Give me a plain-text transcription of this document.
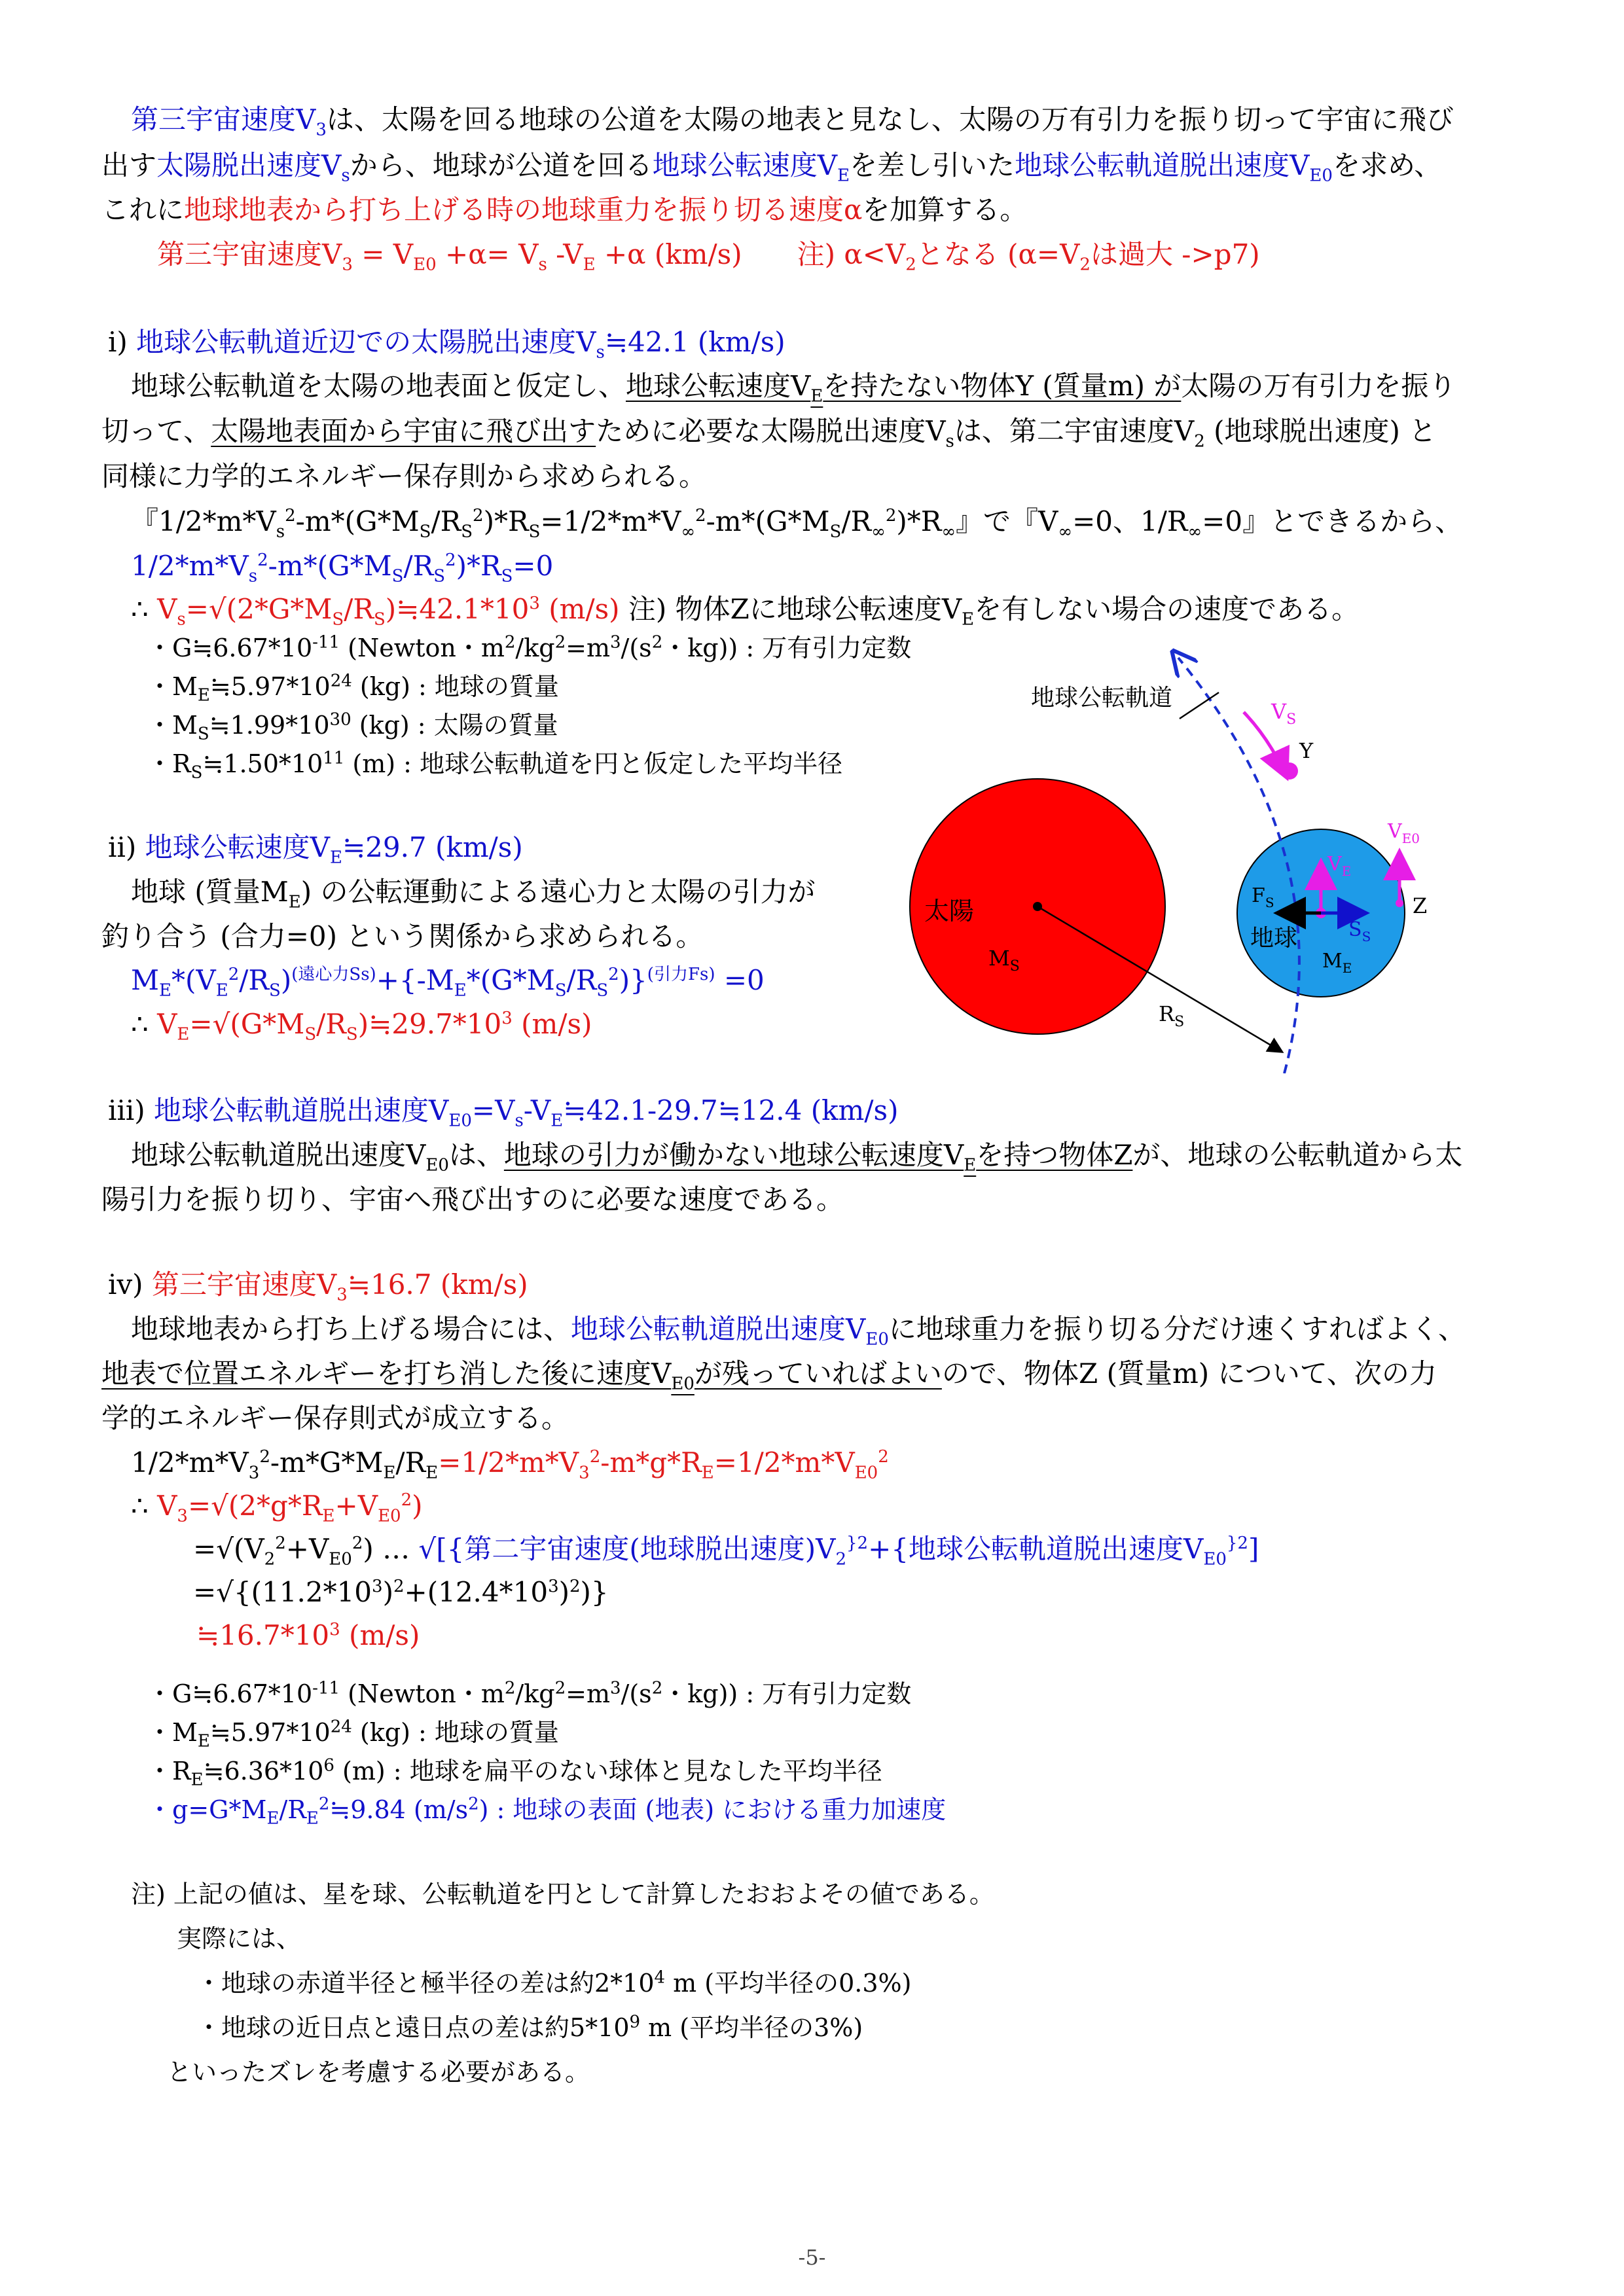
第三宇宙速度$V_3$は、太陽を回る地球の公道を太陽の地表と見なし、太陽の万有引力を振り切って宇宙に飛び
出す太陽脱出速度$V_s$から、地球が公道を回る地球公転速度$V_E$を差し引いた地球公転軌道脱出速度$V_{E0}$を求め、
これに地球地表から打ち上げる時の地球重力を振り切る速度αを加算する。
第三宇宙速度$V_3 = V_{E0} +\alpha= V_s$ $-V_E +\alpha$ (km/s)　　注) $\alpha<V_2$となる ($\alpha=V_2$は過大 ->p7)
ⅰ) 地球公転軌道近辺での太陽脱出速度$V_s≒42.1$ (km/s)
地球公転軌道を太陽の地表面と仮定し、地球公転速度$V_E$を持たない物体Y (質量m) が太陽の万有引力を振り
切って、太陽地表面から宇宙に飛び出すために必要な太陽脱出速度$V_s$は、第二宇宙速度$V_2$ (地球脱出速度) と
同様に力学的エネルギー保存則から求められる。
『$1/2*m*V_s^2-m*(G*M_S/R_S^2)*R_S=1/2*m*V_\infty^2-m*(G*M_S/R_\infty^2)*R_\infty$』で『$V_\infty=0$、$1/R_\infty=0$』とできるから、
$1/2*m*V_s^2-m*(G*M_S/R_S^2)*R_S=0$
∴ $V_s=√(2*G*M_S/R_S)≒42.1*10^3$ (m/s) 注) 物体Zに地球公転速度$V_E$を有しない場合の速度である。
・$G≒6.67*10^{-11}$ (Newton・$m^2/kg^2=m^3/(s^2$・kg)) : 万有引力定数
・$M_E≒5.97*10^{24}$ (kg) : 地球の質量
・$M_S≒1.99*10^{30}$ (kg) : 太陽の質量
・$R_S≒1.50*10^{11}$ (m) : 地球公転軌道を円と仮定した平均半径
ⅱ) 地球公転速度$V_E≒29.7$ (km/s)
地球 (質量$M_E$) の公転運動による遠心力と太陽の引力が
釣り合う (合力=0) という関係から求められる。
$M_E*(V_E^2/R_S)^{(遠心力Ss)}+\{-M_E*(G*M_S/R_S^2)\}^{(引力Fs)} =0$
∴ $V_E=√(G*M_S/R_S)≒29.7*10^3$ (m/s)
ⅲ) 地球公転軌道脱出速度$V_{E0}=V_s-V_E≒42.1-29.7≒12.4$ (km/s)
地球公転軌道脱出速度$V_{E0}$は、地球の引力が働かない地球公転速度$V_E$を持つ物体Zが、地球の公転軌道から太
陽引力を振り切り、宇宙へ飛び出すのに必要な速度である。
ⅳ) 第三宇宙速度$V_3≒16.7$ (km/s)
地球地表から打ち上げる場合には、地球公転軌道脱出速度$V_{E0}$に地球重力を振り切る分だけ速くすればよく、
地表で位置エネルギーを打ち消した後に速度$V_{E0}$が残っていればよいので、物体Z (質量m) について、次の力
学的エネルギー保存則式が成立する。
$1/2*m*V_3^2-m*G*M_E/R_E=1/2*m*V_3^2-m*g*R_E=1/2*m*V_{E0}^2$
∴ $V_3=√(2*g*R_E+V_{E0}^2)$
$=√(V_2^2+V_{E0}^2)$ … √[{第二宇宙速度(地球脱出速度)$V_2^{\}2}+${地球公転軌道脱出速度$V_{E0}^{\}2}$]
$=√\{(11.2*10^3)^2+(12.4*10^3)^2)$}
$≒16.7*10^3$ (m/s)
・$G≒6.67*10^{-11}$ (Newton・$m^2/kg^2=m^3/(s^2$・kg)) : 万有引力定数
・$M_E≒5.97*10^{24}$ (kg) : 地球の質量
・$R_E≒6.36*10^6$ (m) : 地球を扁平のない球体と見なした平均半径
・$g=G*M_E/R_E^2≒9.84$ $(m/s^2)$ : 地球の表面 (地表) における重力加速度
注) 上記の値は、星を球、公転軌道を円として計算したおおよその値である。
実際には、
・地球の赤道半径と極半径の差は約$2*10^4$ m (平均半径の0.3%)
・地球の近日点と遠日点の差は約$5*10^9$ m (平均半径の3%)
といったズレを考慮する必要がある。
地球公転軌道
太陽
$M_S$
$R_S$
$V_S$
Y
$V_{E0}$
$V_E$
$F_S$
$S_S$
Z
地球
$M_E$
-5-
